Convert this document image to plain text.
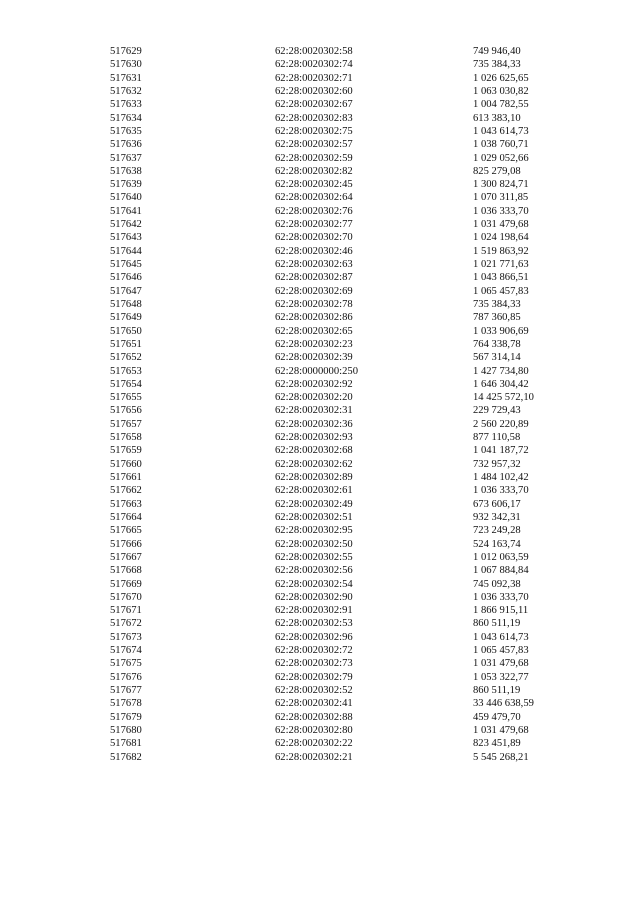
	517629	62:28:0020302:58	749 946,40
	517630	62:28:0020302:74	735 384,33
	517631	62:28:0020302:71	1 026 625,65
	517632	62:28:0020302:60	1 063 030,82
	517633	62:28:0020302:67	1 004 782,55
	517634	62:28:0020302:83	613 383,10
	517635	62:28:0020302:75	1 043 614,73
	517636	62:28:0020302:57	1 038 760,71
	517637	62:28:0020302:59	1 029 052,66
	517638	62:28:0020302:82	825 279,08
	517639	62:28:0020302:45	1 300 824,71
	517640	62:28:0020302:64	1 070 311,85
	517641	62:28:0020302:76	1 036 333,70
	517642	62:28:0020302:77	1 031 479,68
	517643	62:28:0020302:70	1 024 198,64
	517644	62:28:0020302:46	1 519 863,92
	517645	62:28:0020302:63	1 021 771,63
	517646	62:28:0020302:87	1 043 866,51
	517647	62:28:0020302:69	1 065 457,83
	517648	62:28:0020302:78	735 384,33
	517649	62:28:0020302:86	787 360,85
	517650	62:28:0020302:65	1 033 906,69
	517651	62:28:0020302:23	764 338,78
	517652	62:28:0020302:39	567 314,14
	517653	62:28:0000000:250	1 427 734,80
	517654	62:28:0020302:92	1 646 304,42
	517655	62:28:0020302:20	14 425 572,10
	517656	62:28:0020302:31	229 729,43
	517657	62:28:0020302:36	2 560 220,89
	517658	62:28:0020302:93	877 110,58
	517659	62:28:0020302:68	1 041 187,72
	517660	62:28:0020302:62	732 957,32
	517661	62:28:0020302:89	1 484 102,42
	517662	62:28:0020302:61	1 036 333,70
	517663	62:28:0020302:49	673 606,17
	517664	62:28:0020302:51	932 342,31
	517665	62:28:0020302:95	723 249,28
	517666	62:28:0020302:50	524 163,74
	517667	62:28:0020302:55	1 012 063,59
	517668	62:28:0020302:56	1 067 884,84
	517669	62:28:0020302:54	745 092,38
	517670	62:28:0020302:90	1 036 333,70
	517671	62:28:0020302:91	1 866 915,11
	517672	62:28:0020302:53	860 511,19
	517673	62:28:0020302:96	1 043 614,73
	517674	62:28:0020302:72	1 065 457,83
	517675	62:28:0020302:73	1 031 479,68
	517676	62:28:0020302:79	1 053 322,77
	517677	62:28:0020302:52	860 511,19
	517678	62:28:0020302:41	33 446 638,59
	517679	62:28:0020302:88	459 479,70
	517680	62:28:0020302:80	1 031 479,68
	517681	62:28:0020302:22	823 451,89
	517682	62:28:0020302:21	5 545 268,21
